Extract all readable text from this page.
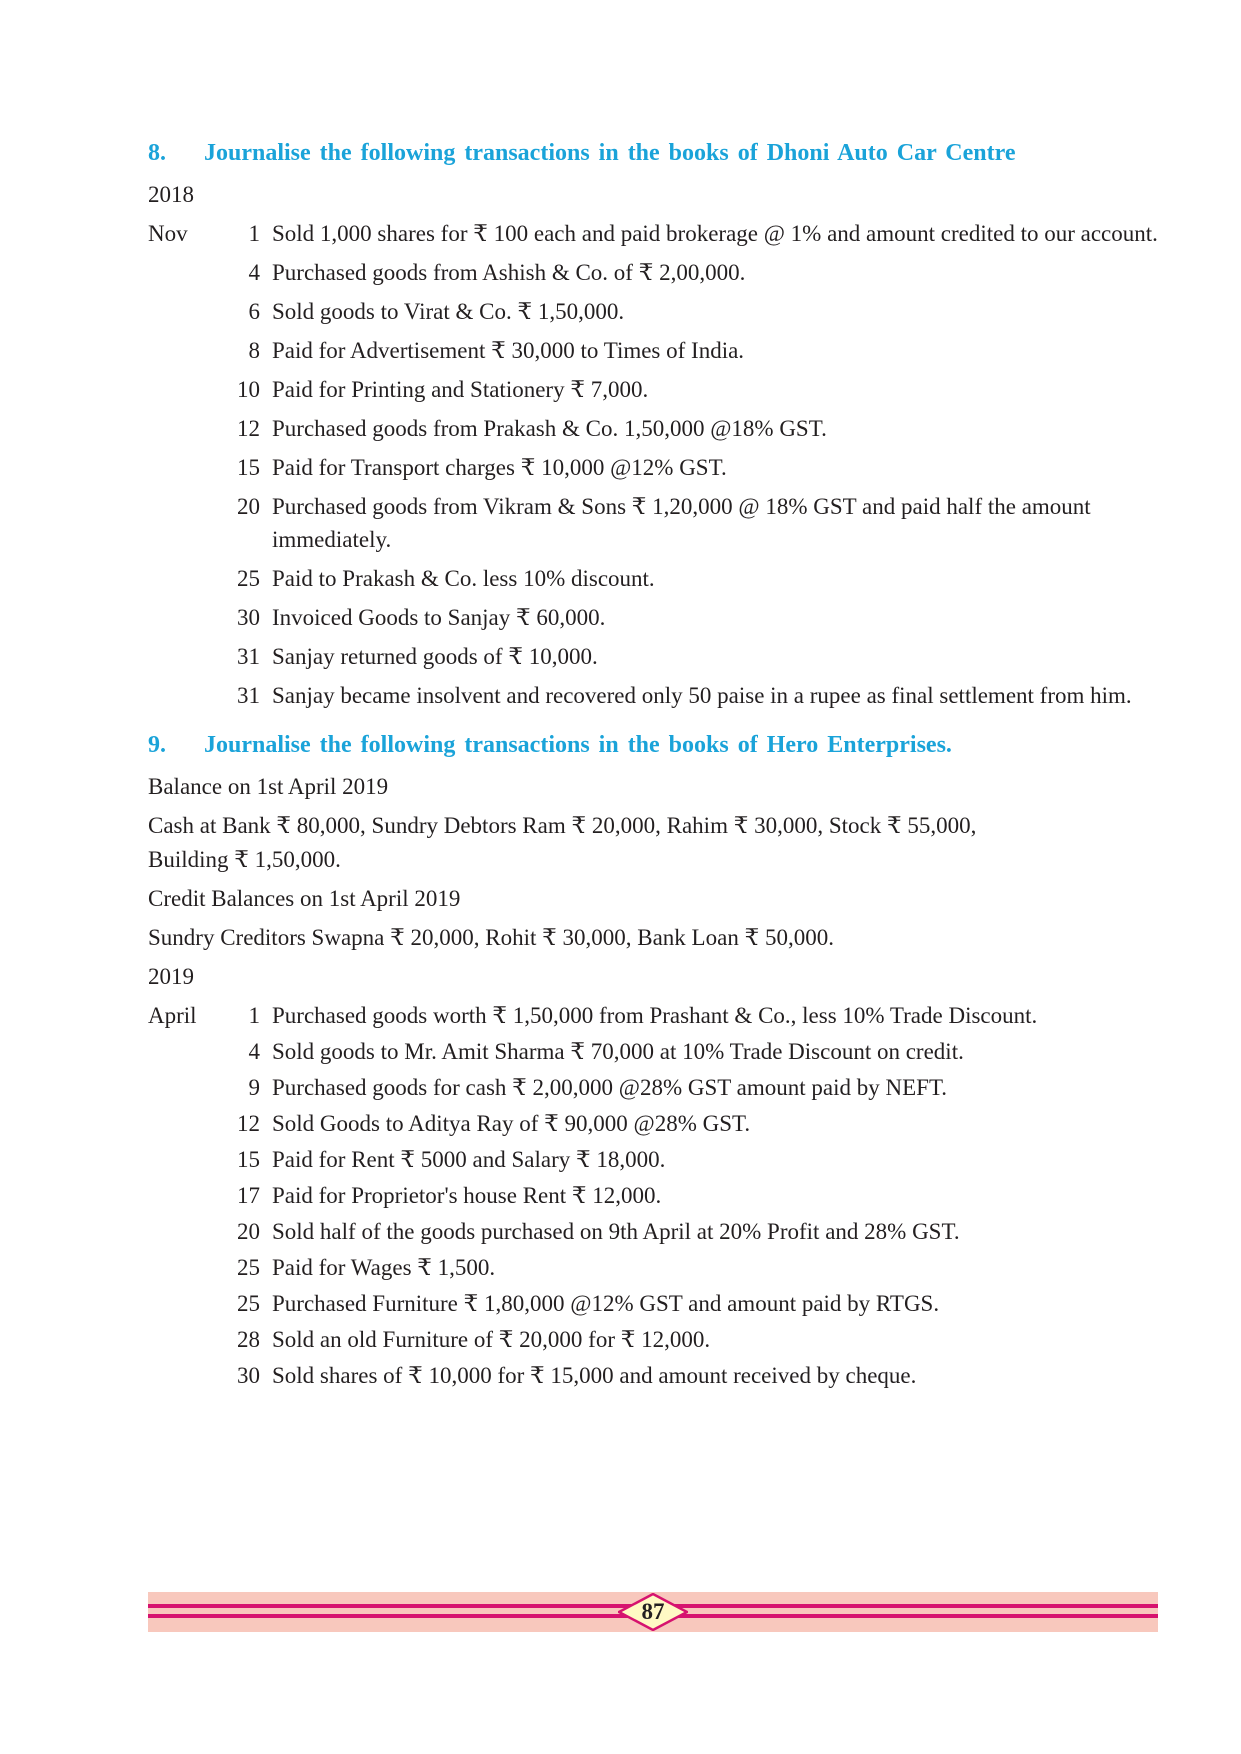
8.	Journalise the following transactions in the books of Dhoni Auto Car Centre
2018
Nov	1 Sold 1,000 shares for ₹ 100 each and paid brokerage @ 1% and amount credited to our account.
4 Purchased goods from Ashish & Co. of ₹ 2,00,000.
6 Sold goods to Virat & Co. ₹ 1,50,000.
8 Paid for Advertisement ₹ 30,000 to Times of India.
10 Paid for Printing and Stationery ₹ 7,000.
12 Purchased goods from Prakash & Co. 1,50,000 @18% GST.
15 Paid for Transport charges ₹ 10,000 @12% GST.
20 Purchased goods from Vikram & Sons ₹ 1,20,000 @ 18% GST and paid half the amount immediately.
25 Paid to Prakash & Co. less 10% discount.
30 Invoiced Goods to Sanjay ₹ 60,000.
31 Sanjay returned goods of ₹ 10,000.
31 Sanjay became insolvent and recovered only 50 paise in a rupee as final settlement from him.
9.	Journalise the following transactions in the books of Hero Enterprises.
Balance on 1st April 2019
Cash at Bank ₹ 80,000, Sundry Debtors Ram ₹ 20,000, Rahim ₹ 30,000, Stock ₹ 55,000,
Building ₹ 1,50,000.
Credit Balances on 1st April 2019
Sundry Creditors Swapna ₹ 20,000, Rohit ₹ 30,000, Bank Loan ₹ 50,000.
2019
April	1 Purchased goods worth ₹ 1,50,000 from Prashant & Co., less 10% Trade Discount.
4 Sold goods to Mr. Amit Sharma ₹ 70,000 at 10% Trade Discount on credit.
9 Purchased goods for cash ₹ 2,00,000 @28% GST amount paid by NEFT.
12 Sold Goods to Aditya Ray of ₹ 90,000 @28% GST.
15 Paid for Rent ₹ 5000 and Salary ₹ 18,000.
17 Paid for Proprietor's house Rent ₹ 12,000.
20 Sold half of the goods purchased on 9th April at 20% Profit and 28% GST.
25 Paid for Wages ₹ 1,500.
25 Purchased Furniture ₹ 1,80,000 @12% GST and amount paid by RTGS.
28 Sold an old Furniture of ₹ 20,000 for ₹ 12,000.
30 Sold shares of ₹ 10,000 for ₹ 15,000 and amount received by cheque.
87
